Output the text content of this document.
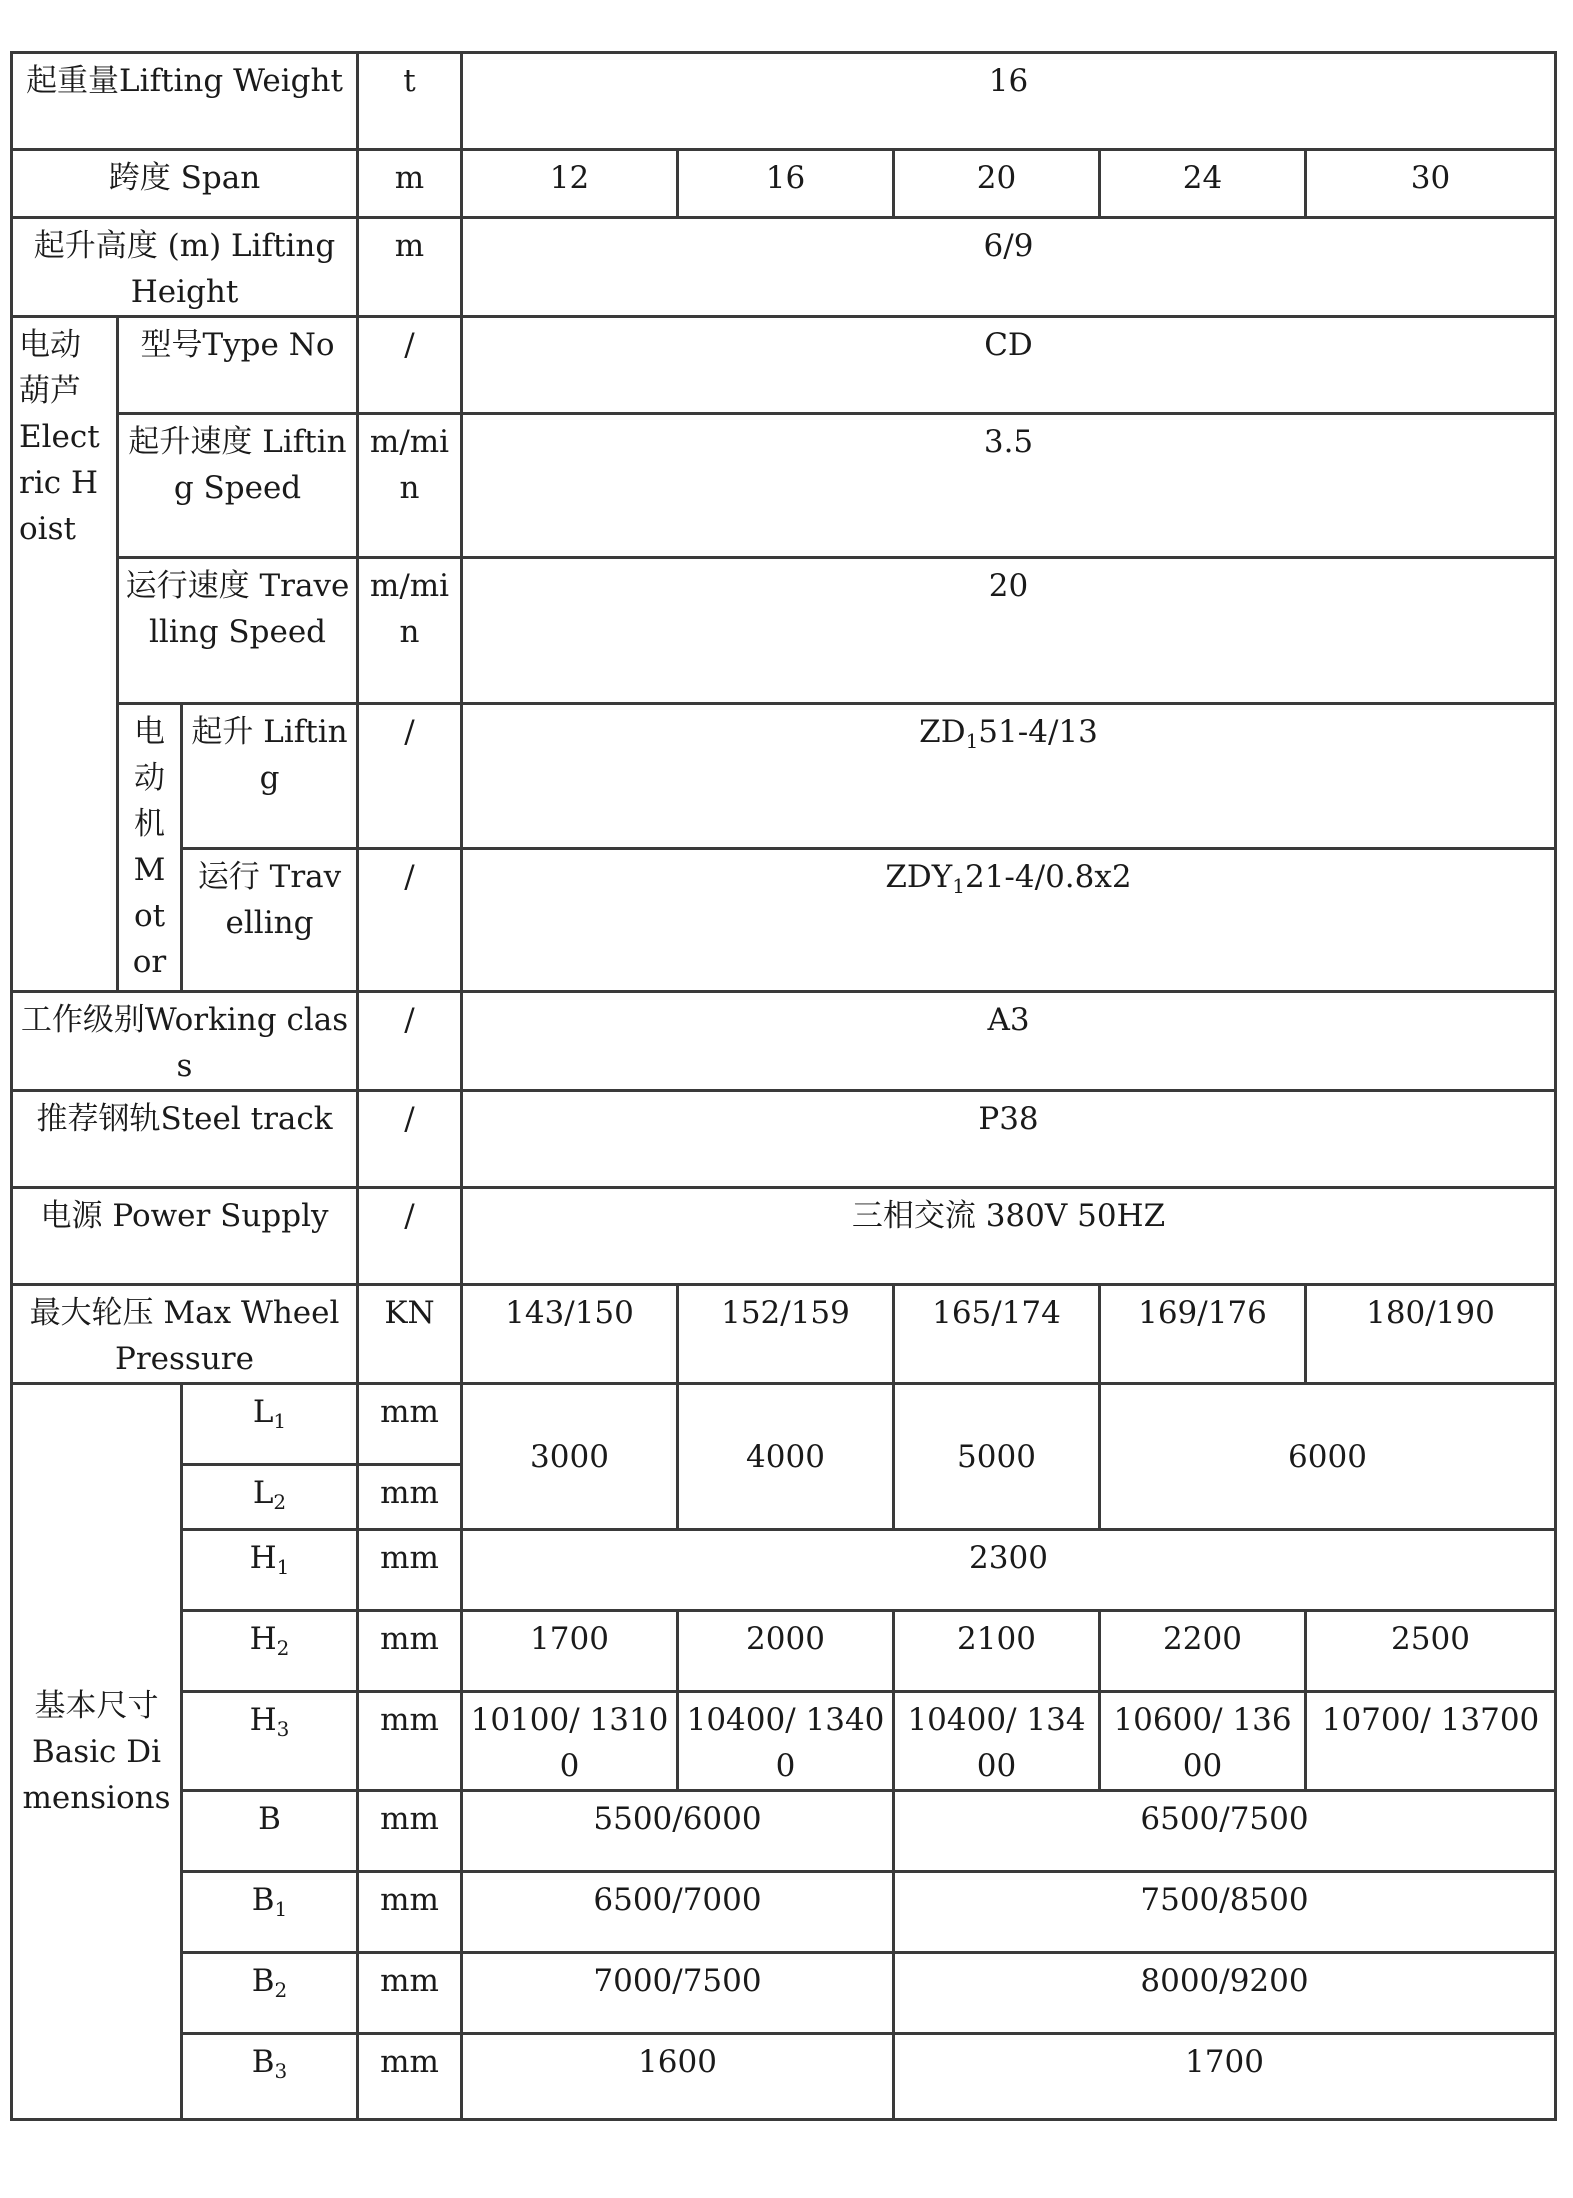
起重量Lifting Weight			t	16				
跨度 Span			m	12	16	20	24	30
起升高度 (m) Lifting Height			m	6/9				
电动葫芦 Electric Hoist	型号Type No		/	CD				
	起升速度 Lifting Speed		m/min	3.5				
	运行速度 Travelling Speed		m/min	20				
	电动机 Motor	起升 Lifting	/	$ZD_151-4/13$				
		运行 Travelling	/	$ZDY_121-4/0.8x2$				
工作级别Working class			/	A3				
推荐钢轨Steel track			/	P38				
电源 Power Supply			/	三相交流 380V 50HZ				
最大轮压 Max Wheel Pressure			KN	143/150	152/159	165/174	169/176	180/190
基本尺寸 Basic Dimensions		$L_1$	mm	3000	4000	5000	6000	
		$L_2$	mm					
		$H_1$	mm	2300				
		$H_2$	mm	1700	2000	2100	2200	2500
		$H_3$	mm	10100/ 13100	10400/ 13400	10400/ 13400	10600/ 13600	10700/ 13700
		B	mm	5500/6000		6500/7500		
		$B_1$	mm	6500/7000		7500/8500		
		$B_2$	mm	7000/7500		8000/9200		
		$B_3$	mm	1600		1700		
